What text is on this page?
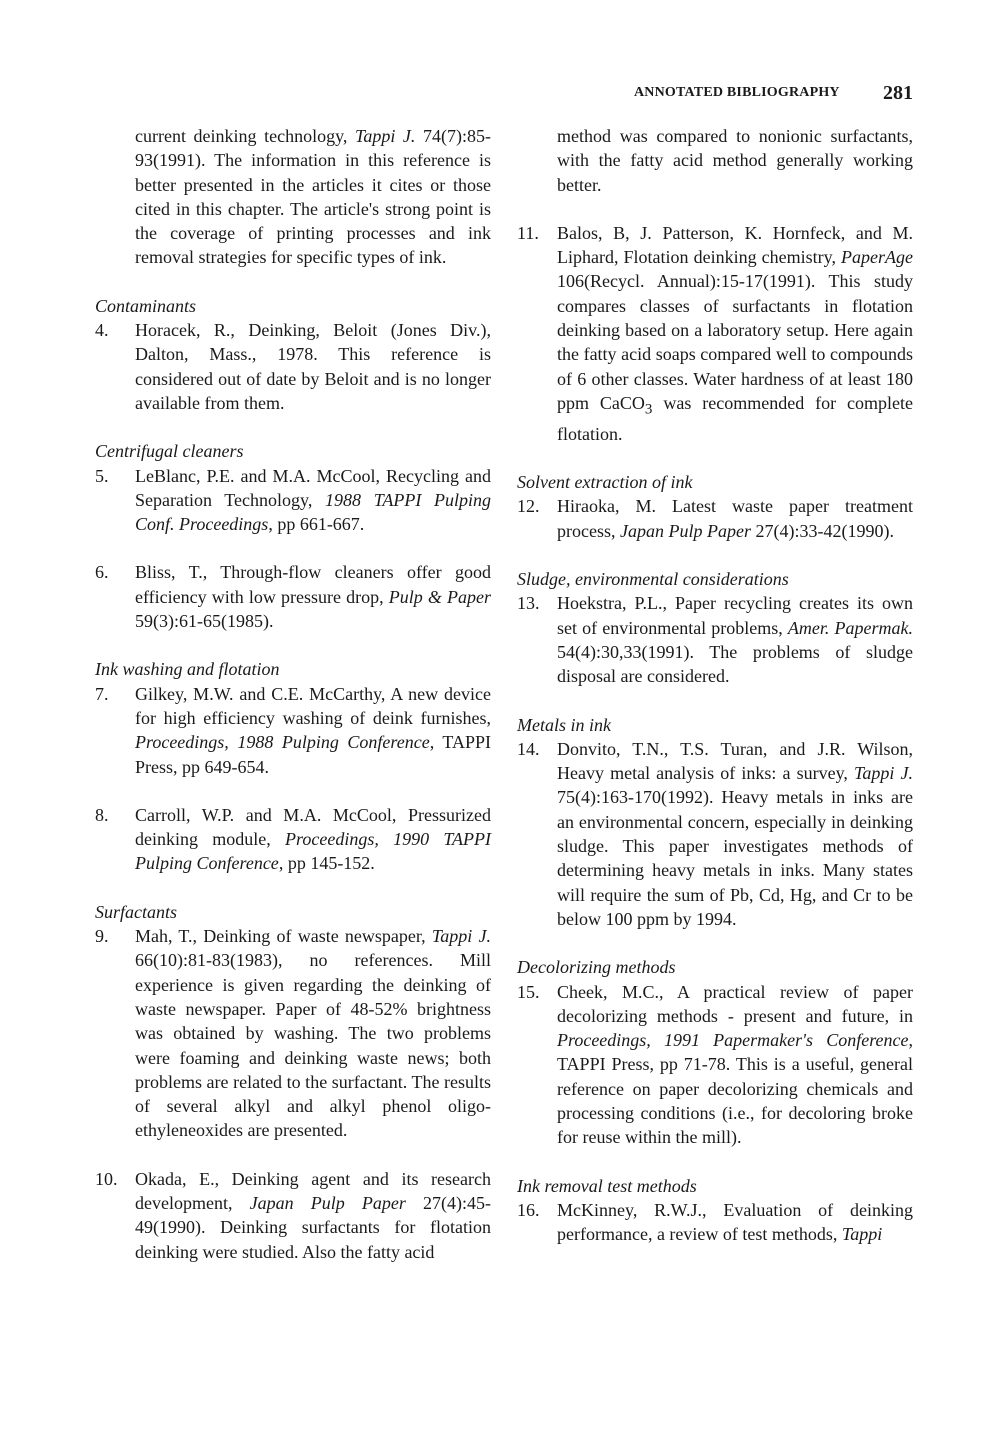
ANNOTATED BIBLIOGRAPHY 281

current deinking technology, Tappi J. 74(7):85-93(1991). The information in this reference is better presented in the articles it cites or those cited in this chapter. The article's strong point is the coverage of printing processes and ink removal strategies for specific types of ink.

Contaminants

4.	Horacek, R., Deinking, Beloit (Jones Div.), Dalton, Mass., 1978. This reference is considered out of date by Beloit and is no longer available from them.

Centrifugal cleaners

5.	LeBlanc, P.E. and M.A. McCool, Recycling and Separation Technology, 1988 TAPPI Pulping Conf. Proceedings, pp 661-667.
6.	Bliss, T., Through-flow cleaners offer good efficiency with low pressure drop, Pulp & Paper 59(3):61-65(1985).

Ink washing and flotation

7.	Gilkey, M.W. and C.E. McCarthy, A new device for high efficiency washing of deink furnishes, Proceedings, 1988 Pulping Conference, TAPPI Press, pp 649-654.
8.	Carroll, W.P. and M.A. McCool, Pressurized deinking module, Proceedings, 1990 TAPPI Pulping Conference, pp 145-152.

Surfactants

9.	Mah, T., Deinking of waste newspaper, Tappi J. 66(10):81-83(1983), no references. Mill experience is given regarding the deinking of waste newspaper. Paper of 48-52% brightness was obtained by washing. The two problems were foaming and deinking waste news; both problems are related to the surfactant. The results of several alkyl and alkyl phenol oligo-ethyleneoxides are presented.
10. Okada, E., Deinking agent and its research development, Japan Pulp Paper 27(4):45-49(1990). Deinking surfactants for flotation deinking were studied. Also the fatty acid

method was compared to nonionic surfactants, with the fatty acid method generally working better.

11.	Balos, B, J. Patterson, K. Hornfeck, and M. Liphard, Flotation deinking chemistry, PaperAge 106(Recycl. Annual):15-17(1991). This study compares classes of surfactants in flotation deinking based on a laboratory setup. Here again the fatty acid soaps compared well to compounds of 6 other classes. Water hardness of at least 180 ppm CaCO$_3$ was recommended for complete flotation.

Solvent extraction of ink

12. Hiraoka, M. Latest waste paper treatment process, Japan Pulp Paper 27(4):33-42(1990).

Sludge, environmental considerations

13. Hoekstra, P.L., Paper recycling creates its own set of environmental problems, Amer. Papermak. 54(4):30,33(1991). The problems of sludge disposal are considered.

Metals in ink

14. Donvito, T.N., T.S. Turan, and J.R. Wilson, Heavy metal analysis of inks: a survey, Tappi J. 75(4):163-170(1992). Heavy metals in inks are an environmental concern, especially in deinking sludge. This paper investigates methods of determining heavy metals in inks. Many states will require the sum of Pb, Cd, Hg, and Cr to be below 100 ppm by 1994.

Decolorizing methods

15. Cheek, M.C., A practical review of paper decolorizing methods - present and future, in Proceedings, 1991 Papermaker's Conference, TAPPI Press, pp 71-78. This is a useful, general reference on paper decolorizing chemicals and processing conditions (i.e., for decoloring broke for reuse within the mill).

Ink removal test methods

16. McKinney, R.W.J., Evaluation of deinking performance, a review of test methods, Tappi
